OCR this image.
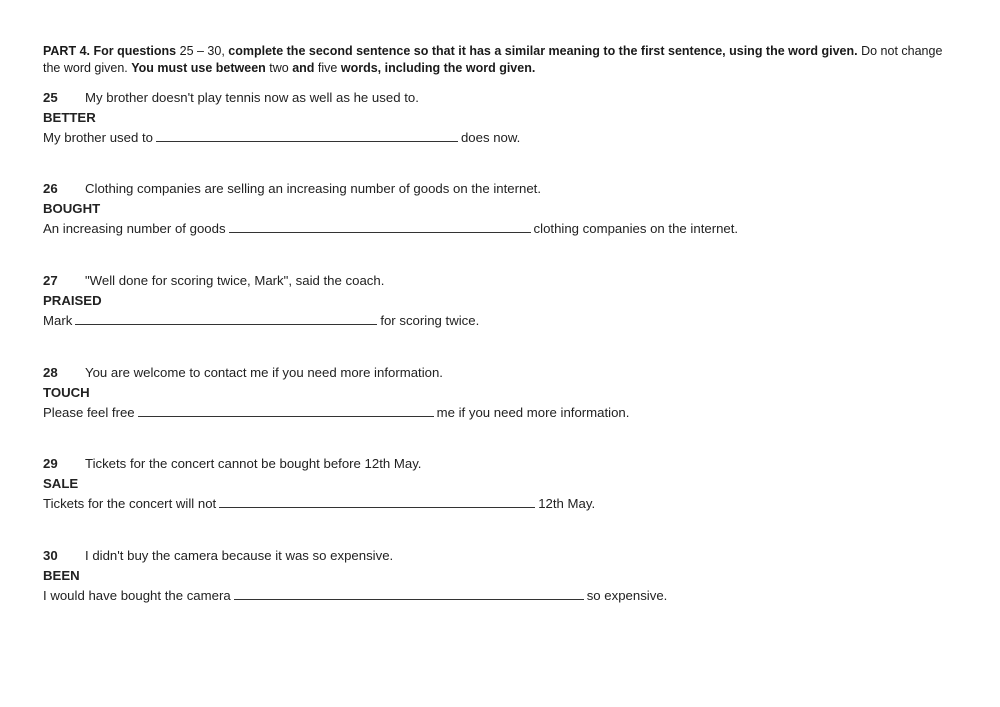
PART 4. For questions 25 – 30, complete the second sentence so that it has a similar meaning to the first sentence, using the word given. Do not change the word given. You must use between two and five words, including the word given.
25 My brother doesn't play tennis now as well as he used to.
BETTER
My brother used to	does now.
26 Clothing companies are selling an increasing number of goods on the internet.
BOUGHT
An increasing number of goods	clothing companies on the internet.
27 "Well done for scoring twice, Mark", said the coach.
PRAISED
Mark	for scoring twice.
28 You are welcome to contact me if you need more information.
TOUCH
Please feel free	me if you need more information.
29 Tickets for the concert cannot be bought before 12th May.
SALE
Tickets for the concert will not	12th May.
30 I didn't buy the camera because it was so expensive.
BEEN
I would have bought the camera	so expensive.
